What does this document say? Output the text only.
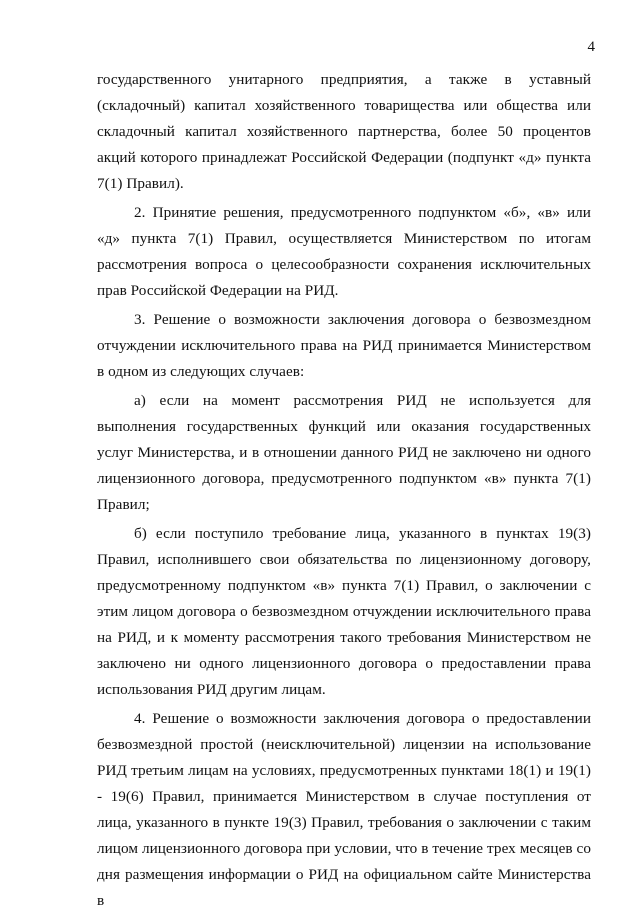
4

государственного унитарного предприятия, а также в уставный (складочный) капитал хозяйственного товарищества или общества или складочный капитал хозяйственного партнерства, более 50 процентов акций которого принадлежат Российской Федерации (подпункт «д» пункта 7(1) Правил).

2. Принятие решения, предусмотренного подпунктом «б», «в» или «д» пункта 7(1) Правил, осуществляется Министерством по итогам рассмотрения вопроса о целесообразности сохранения исключительных прав Российской Федерации на РИД.

3. Решение о возможности заключения договора о безвозмездном отчуждении исключительного права на РИД принимается Министерством в одном из следующих случаев:

а) если на момент рассмотрения РИД не используется для выполнения государственных функций или оказания государственных услуг Министерства, и в отношении данного РИД не заключено ни одного лицензионного договора, предусмотренного подпунктом «в» пункта 7(1) Правил;

б) если поступило требование лица, указанного в пунктах 19(3) Правил, исполнившего свои обязательства по лицензионному договору, предусмотренному подпунктом «в» пункта 7(1) Правил, о заключении с этим лицом договора о безвозмездном отчуждении исключительного права на РИД, и к моменту рассмотрения такого требования Министерством не заключено ни одного лицензионного договора о предоставлении права использования РИД другим лицам.

4. Решение о возможности заключения договора о предоставлении безвозмездной простой (неисключительной) лицензии на использование РИД третьим лицам на условиях, предусмотренных пунктами 18(1) и 19(1) - 19(6) Правил, принимается Министерством в случае поступления от лица, указанного в пункте 19(3) Правил, требования о заключении с таким лицом лицензионного договора при условии, что в течение трех месяцев со дня размещения информации о РИД на официальном сайте Министерства в
